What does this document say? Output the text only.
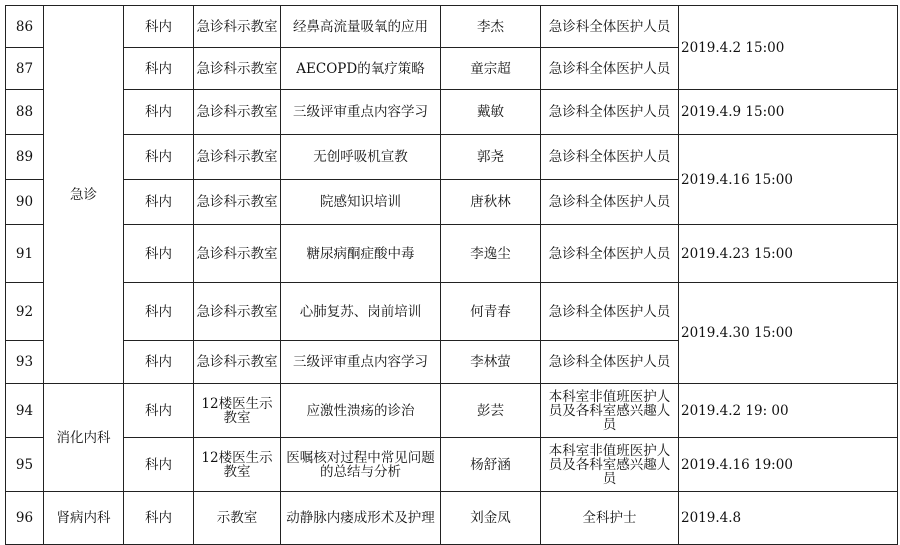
86	急诊	科内	急诊科示教室	经鼻高流量吸氧的应用	李杰	急诊科全体医护人员	2019.4.2 15:00
87		科内	急诊科示教室	AECOPD的氧疗策略	童宗超	急诊科全体医护人员	
88		科内	急诊科示教室	三级评审重点内容学习	戴敏	急诊科全体医护人员	2019.4.9 15:00
89		科内	急诊科示教室	无创呼吸机宣教	郭尧	急诊科全体医护人员	2019.4.16 15:00
90		科内	急诊科示教室	院感知识培训	唐秋林	急诊科全体医护人员	
91		科内	急诊科示教室	糖尿病酮症酸中毒	李逸尘	急诊科全体医护人员	2019.4.23 15:00
92		科内	急诊科示教室	心肺复苏、岗前培训	何青春	急诊科全体医护人员	2019.4.30 15:00
93		科内	急诊科示教室	三级评审重点内容学习	李林萤	急诊科全体医护人员	
94	消化内科	科内	12楼医生示教室	应激性溃疡的诊治	彭芸	本科室非值班医护人员及各科室感兴趣人员	2019.4.2 19: 00
95		科内	12楼医生示教室	医嘱核对过程中常见问题的总结与分析	杨舒涵	本科室非值班医护人员及各科室感兴趣人员	2019.4.16 19:00
96	肾病内科	科内	示教室	动静脉内瘘成形术及护理	刘金凤	全科护士	2019.4.8
